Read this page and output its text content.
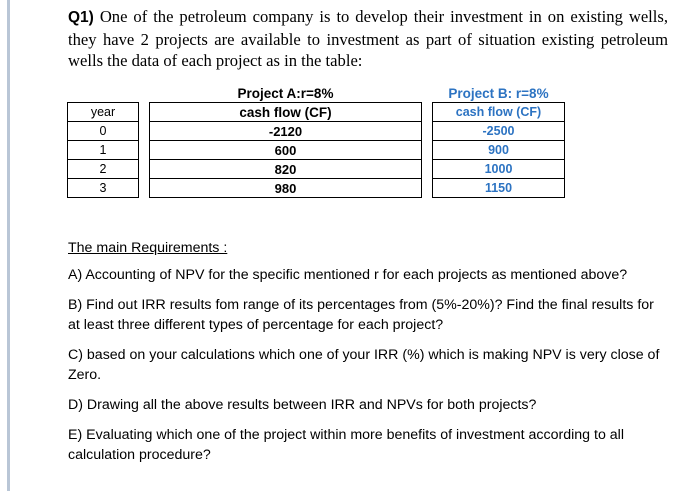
Q1) One of the petroleum company is to develop their investment in on existing wells, they have 2 projects are available to investment as part of situation existing petroleum wells the data of each project as in the table:
		Project A:r=8%		Project B: r=8%
year		cash flow (CF)		cash flow (CF)
0		-2120		-2500
1		600		900
2		820		1000
3		980		1150
The main Requirements :
A) Accounting of NPV for the specific mentioned r for each projects as mentioned above?
B) Find out IRR results fom range of its percentages from (5%-20%)? Find the final results for at least three different types of percentage for each project?
C) based on your calculations which one of your IRR (%) which is making NPV is very close of Zero.
D) Drawing all the above results between IRR and NPVs for both projects?
E) Evaluating which one of the project within more benefits of investment according to all calculation procedure?
